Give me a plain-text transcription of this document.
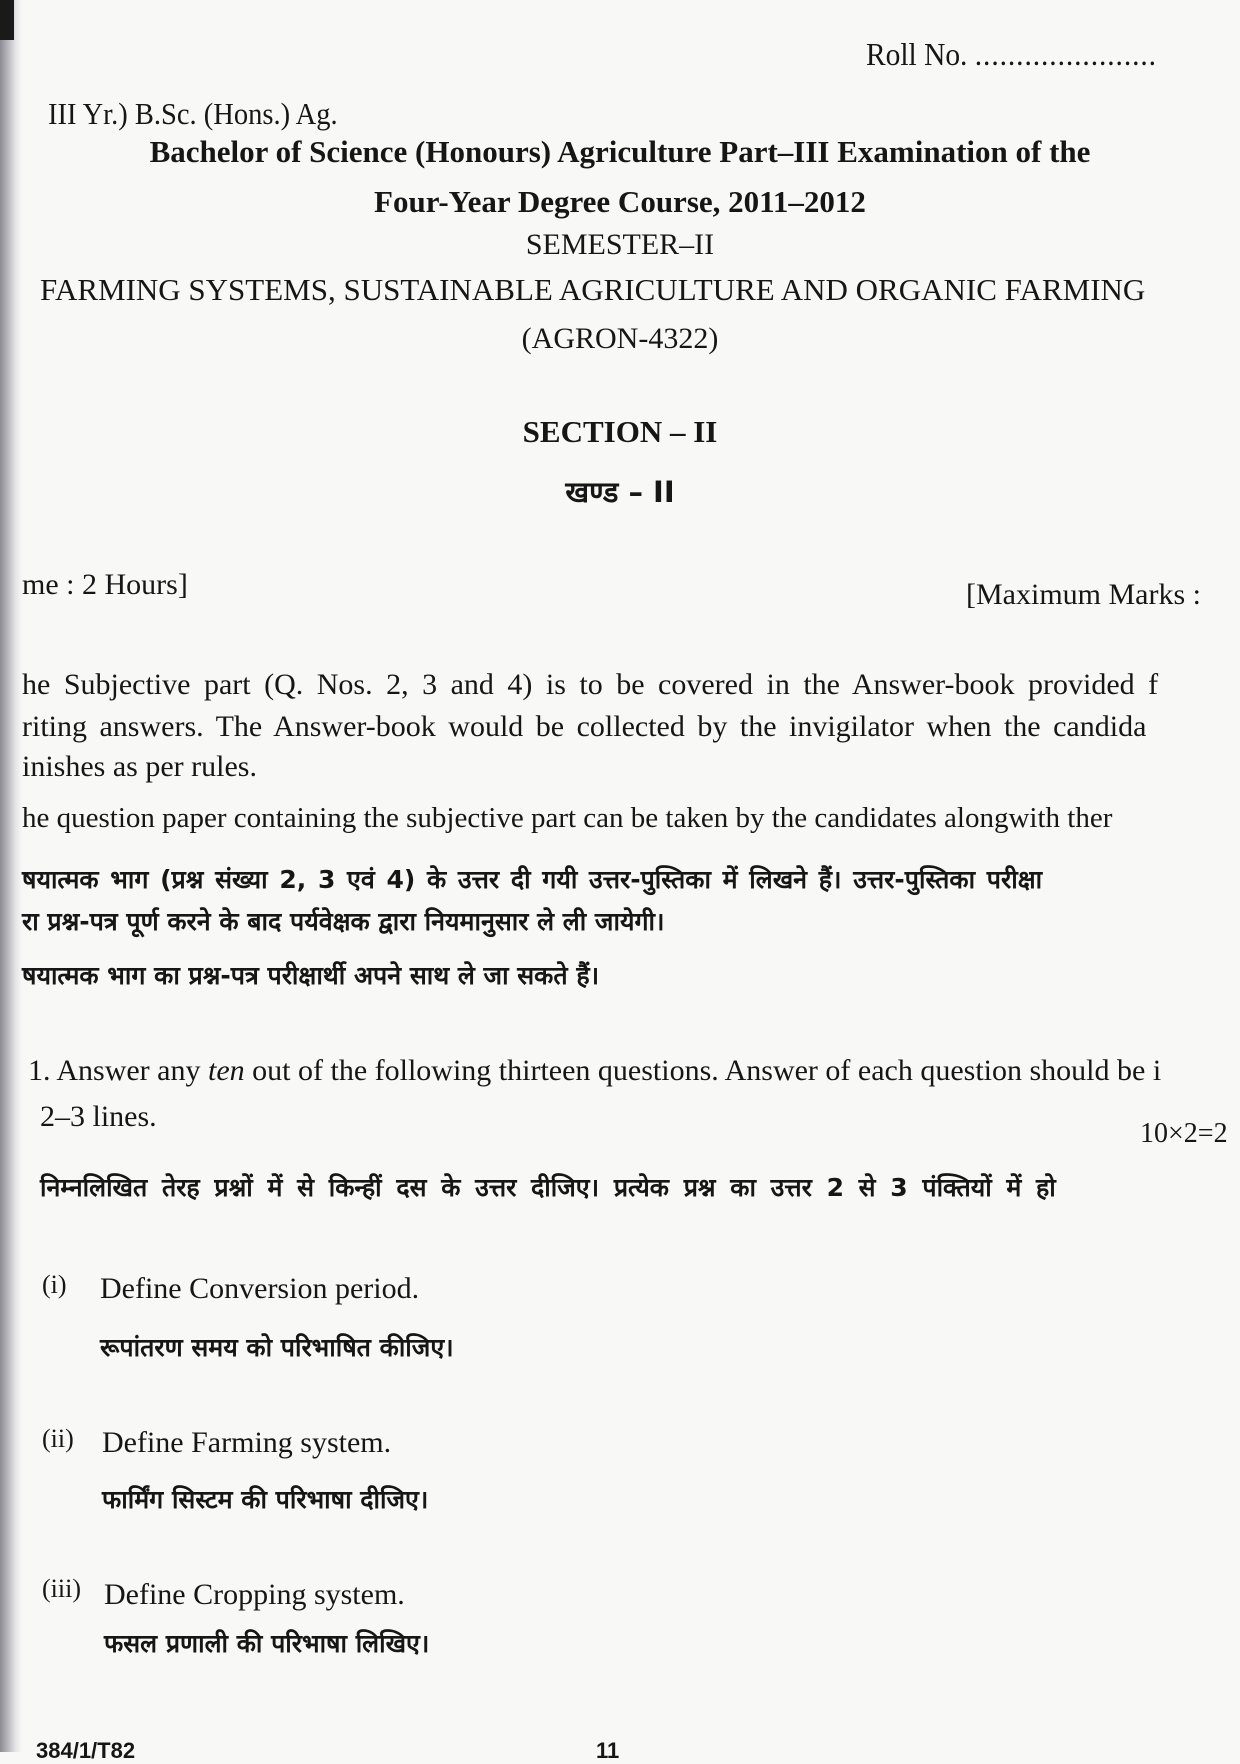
Roll No. ......................
III Yr.) B.Sc. (Hons.) Ag.
Bachelor of Science (Honours) Agriculture Part–III Examination of the
Four-Year Degree Course, 2011–2012
SEMESTER–II
FARMING SYSTEMS, SUSTAINABLE AGRICULTURE AND ORGANIC FARMING
(AGRON-4322)
SECTION – II
खण्ड – II
me : 2 Hours]	[Maximum Marks :
he Subjective part (Q. Nos. 2, 3 and 4) is to be covered in the Answer-book provided f
riting answers. The Answer-book would be collected by the invigilator when the candida
inishes as per rules.
he question paper containing the subjective part can be taken by the candidates alongwith ther
षयात्मक भाग (प्रश्न संख्या 2, 3 एवं 4) के उत्तर दी गयी उत्तर-पुस्तिका में लिखने हैं। उत्तर-पुस्तिका परीक्षा
रा प्रश्न-पत्र पूर्ण करने के बाद पर्यवेक्षक द्वारा नियमानुसार ले ली जायेगी।
षयात्मक भाग का प्रश्न-पत्र परीक्षार्थी अपने साथ ले जा सकते हैं।
1. Answer any ten out of the following thirteen questions. Answer of each question should be i
2–3 lines.
10×2=2
निम्नलिखित तेरह प्रश्नों में से किन्हीं दस के उत्तर दीजिए। प्रत्येक प्रश्न का उत्तर 2 से 3 पंक्तियों में हो
(i) Define Conversion period.
रूपांतरण समय को परिभाषित कीजिए।
(ii) Define Farming system.
फार्मिंग सिस्टम की परिभाषा दीजिए।
(iii) Define Cropping system.
फसल प्रणाली की परिभाषा लिखिए।
384/1/T82	11
